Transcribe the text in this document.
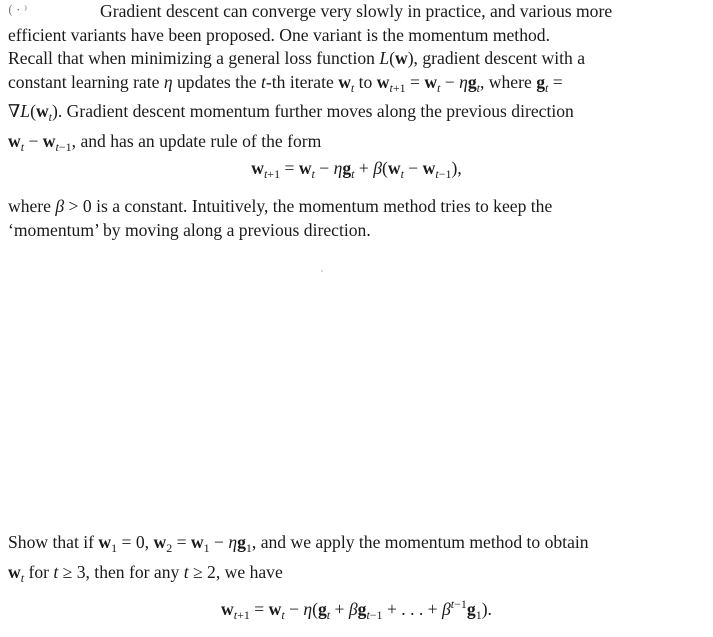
( · ⁾	Gradient descent can converge very slowly in practice, and various more
efficient variants have been proposed. One variant is the momentum method.
Recall that when minimizing a general loss function L(w), gradient descent with a
constant learning rate η updates the t-th iterate $w_t$ to $w_{t+1} = w_t - \eta g_t$, where $g_t$ =
$\nabla L(w_t)$. Gradient descent momentum further moves along the previous direction
$w_t - w_{t-1}$, and has an update rule of the form
$w_{t+1} = w_t - \eta g_t + \beta(w_t - w_{t-1})$,
where β > 0 is a constant. Intuitively, the momentum method tries to keep the
‘momentum’ by moving along a previous direction.
Show that if $w_1 = 0$, $w_2 = w_1 - \eta g_1$, and we apply the momentum method to obtain
$w_t$ for t ≥ 3, then for any t ≥ 2, we have
$w_{t+1} = w_t - \eta(g_t + \beta g_{t-1}$ + . . . + $\beta^{t-1}g_1$).
